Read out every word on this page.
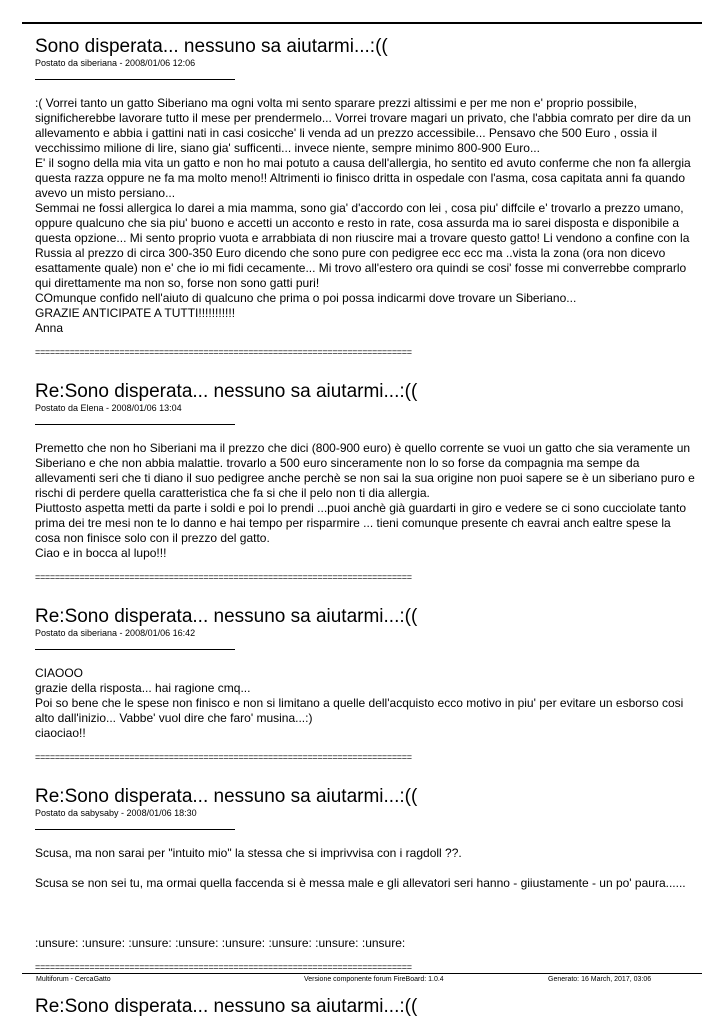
Sono disperata... nessuno sa aiutarmi...:((
Postato da siberiana - 2008/01/06 12:06

:( Vorrei tanto un gatto Siberiano ma ogni volta mi sento sparare prezzi altissimi e per me non e' proprio possibile, significherebbe lavorare tutto il mese per prendermelo... Vorrei trovare magari un privato, che l'abbia comrato per dire da un allevamento e abbia i gattini nati in casi cosicche' li venda ad un prezzo accessibile... Pensavo che 500 Euro , ossia il vecchissimo milione di lire, siano gia' sufficenti... invece niente, sempre minimo 800-900 Euro...

E' il sogno della mia vita un gatto e non ho mai potuto a causa dell'allergia, ho sentito ed avuto conferme che non fa allergia questa razza oppure ne fa ma molto meno!! Altrimenti io finisco dritta in ospedale con l'asma, cosa capitata anni fa quando avevo un misto persiano...

Semmai ne fossi allergica lo darei a mia mamma, sono gia' d'accordo con lei , cosa piu' diffcile e' trovarlo a prezzo umano, oppure qualcuno che sia piu' buono e accetti un acconto e resto in rate, cosa assurda ma io sarei disposta e disponibile a questa opzione... Mi sento proprio vuota e arrabbiata di non riuscire mai a trovare questo gatto! Li vendono a confine con la Russia al prezzo di circa 300-350 Euro dicendo che sono pure con pedigree ecc ecc ma ..vista la zona (ora non dicevo esattamente quale) non e' che io mi fidi cecamente... Mi trovo all'estero ora quindi se cosi' fosse mi converrebbe comprarlo qui direttamente ma non so, forse non sono gatti puri!

COmunque confido nell'aiuto di qualcuno che prima o poi possa indicarmi dove trovare un Siberiano...

GRAZIE ANTICIPATE A TUTTI!!!!!!!!!!!

Anna

============================================================================
Re:Sono disperata... nessuno sa aiutarmi...:((
Postato da Elena - 2008/01/06 13:04

Premetto che non ho Siberiani ma il prezzo che dici (800-900 euro) è quello corrente se vuoi un gatto che sia veramente un Siberiano e che non abbia malattie. trovarlo a 500 euro sinceramente non lo so forse da compagnia ma sempe da allevamenti seri che ti diano il suo pedigree anche perchè se non sai la sua origine non puoi sapere se è un siberiano puro e rischi di perdere quella caratteristica che fa si che il pelo non ti dia allergia.

Piuttosto aspetta metti da parte i soldi e poi lo prendi ...puoi anchè già guardarti in giro e vedere se ci sono cucciolate tanto prima dei tre mesi non te lo danno e hai tempo per risparmire ... tieni comunque presente ch eavrai anch ealtre spese la cosa non finisce solo con il prezzo del gatto.

Ciao e in bocca al lupo!!!

============================================================================
Re:Sono disperata... nessuno sa aiutarmi...:((
Postato da siberiana - 2008/01/06 16:42

CIAOOO

grazie della risposta... hai ragione cmq...

Poi so bene che le spese non finisco e non si limitano a quelle dell'acquisto ecco motivo in piu' per evitare un esborso cosi alto dall'inizio... Vabbe' vuol dire che faro' musina...:)

ciaociao!!

============================================================================
Re:Sono disperata... nessuno sa aiutarmi...:((
Postato da sabysaby - 2008/01/06 18:30

Scusa, ma non sarai per "intuito mio" la stessa che si imprivvisa con i ragdoll ??.

Scusa se non sei tu, ma ormai quella faccenda si è messa male e gli allevatori seri hanno - giiustamente - un po' paura......

:unsure: :unsure: :unsure: :unsure: :unsure: :unsure: :unsure: :unsure:

============================================================================
Re:Sono disperata... nessuno sa aiutarmi...:((
Multiforum - CercaGatto	Versione componente forum FireBoard: 1.0.4	Generato: 16 March, 2017, 03:06
